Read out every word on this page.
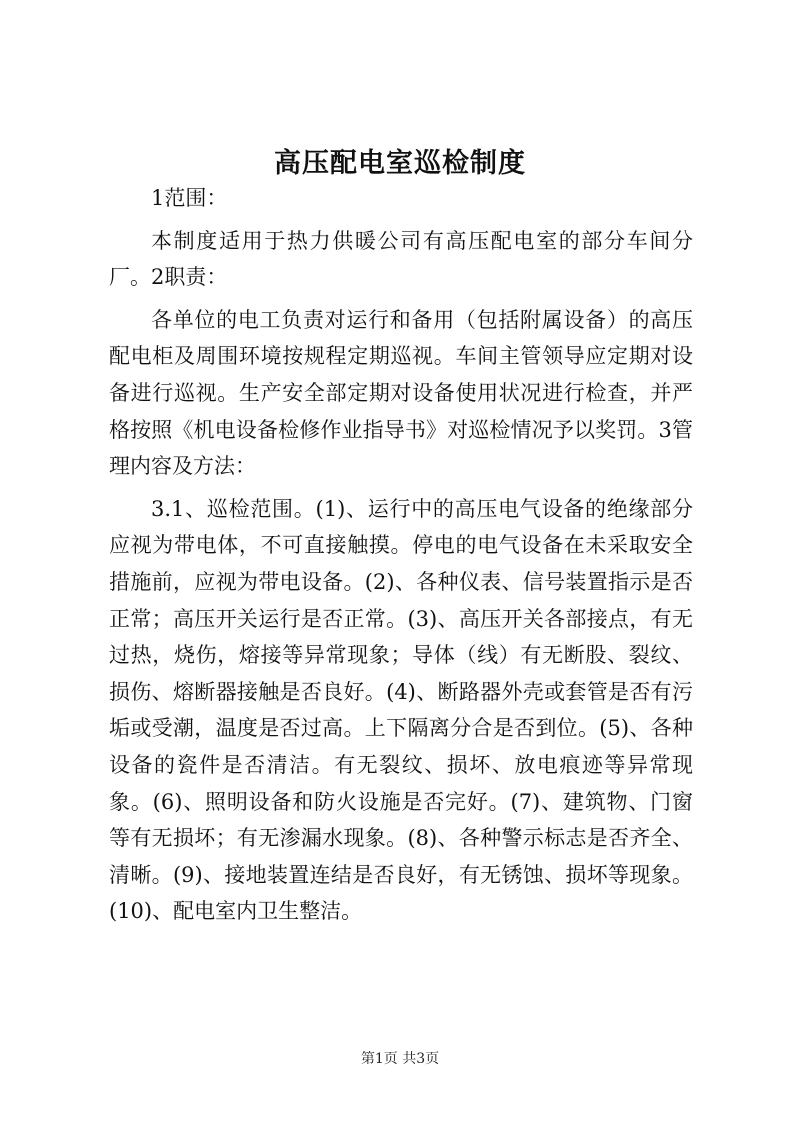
高压配电室巡检制度

1范围：

本制度适用于热力供暖公司有高压配电室的部分车间分厂。2职责：

各单位的电工负责对运行和备用（包括附属设备）的高压配电柜及周围环境按规程定期巡视。车间主管领导应定期对设备进行巡视。生产安全部定期对设备使用状况进行检查，并严格按照《机电设备检修作业指导书》对巡检情况予以奖罚。3管理内容及方法：

3.1、巡检范围。(1)、运行中的高压电气设备的绝缘部分应视为带电体，不可直接触摸。停电的电气设备在未采取安全措施前，应视为带电设备。(2)、各种仪表、信号装置指示是否正常；高压开关运行是否正常。(3)、高压开关各部接点，有无过热，烧伤，熔接等异常现象；导体（线）有无断股、裂纹、损伤、熔断器接触是否良好。(4)、断路器外壳或套管是否有污垢或受潮，温度是否过高。上下隔离分合是否到位。(5)、各种设备的瓷件是否清洁。有无裂纹、损坏、放电痕迹等异常现象。(6)、照明设备和防火设施是否完好。(7)、建筑物、门窗等有无损坏；有无渗漏水现象。(8)、各种警示标志是否齐全、清晰。(9)、接地装置连结是否良好，有无锈蚀、损坏等现象。(10)、配电室内卫生整洁。

第1页 共3页
